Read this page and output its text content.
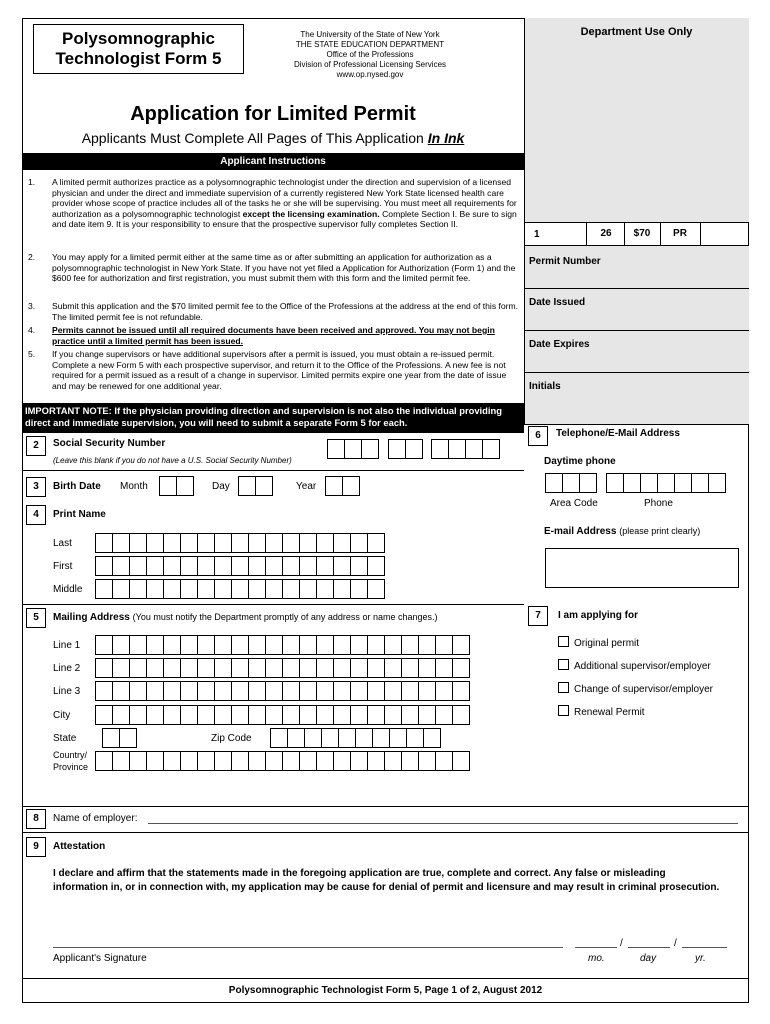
Polysomnographic Technologist Form 5
The University of the State of New York
THE STATE EDUCATION DEPARTMENT
Office of the Professions
Division of Professional Licensing Services
www.op.nysed.gov
Department Use Only
1	26	$70	PR
Permit Number
Date Issued
Date Expires
Initials
Application for Limited Permit
Applicants Must Complete All Pages of This Application In Ink
Applicant Instructions
1. A limited permit authorizes practice as a polysomnographic technologist under the direction and supervision of a licensed physician and under the direct and immediate supervision of a currently registered New York State licensed health care provider whose scope of practice includes all of the tasks he or she will be supervising. You must meet all requirements for authorization as a polysomnographic technologist except the licensing examination. Complete Section I. Be sure to sign and date item 9. It is your responsibility to ensure that the prospective supervisor fully completes Section II.
2. You may apply for a limited permit either at the same time as or after submitting an application for authorization as a polysomnographic technologist in New York State. If you have not yet filed a Application for Authorization (Form 1) and the $600 fee for authorization and first registration, you must submit them with this form and the limited permit fee.
3. Submit this application and the $70 limited permit fee to the Office of the Professions at the address at the end of this form. The limited permit fee is not refundable.
4. Permits cannot be issued until all required documents have been received and approved. You may not begin practice until a limited permit has been issued.
5. If you change supervisors or have additional supervisors after a permit is issued, you must obtain a re-issued permit. Complete a new Form 5 with each prospective supervisor, and return it to the Office of the Professions. A new fee is not required for a permit issued as a result of a change in supervisor. Limited permits expire one year from the date of issue and may be renewed for one additional year.
IMPORTANT NOTE: If the physician providing direction and supervision is not also the individual providing direct and immediate supervision, you will need to submit a separate Form 5 for each.
2	Social Security Number
(Leave this blank if you do not have a U.S. Social Security Number)
3	Birth Date Month	Day	Year
4	Print Name
Last
First
Middle
5	Mailing Address (You must notify the Department promptly of any address or name changes.)
Line 1
Line 2
Line 3
City
State	Zip Code
Country/
Province
6	Telephone/E-Mail Address
Daytime phone
Area Code	Phone
E-mail Address (please print clearly)
7	I am applying for
Original permit
Additional supervisor/employer
Change of supervisor/employer
Renewal Permit
8	Name of employer:
9	Attestation
I declare and affirm that the statements made in the foregoing application are true, complete and correct. Any false or misleading information in, or in connection with, my application may be cause for denial of permit and licensure and may result in criminal prosecution.
/	/
Applicant's Signature	mo.	day	yr.
Polysomnographic Technologist Form 5, Page 1 of 2, August 2012
